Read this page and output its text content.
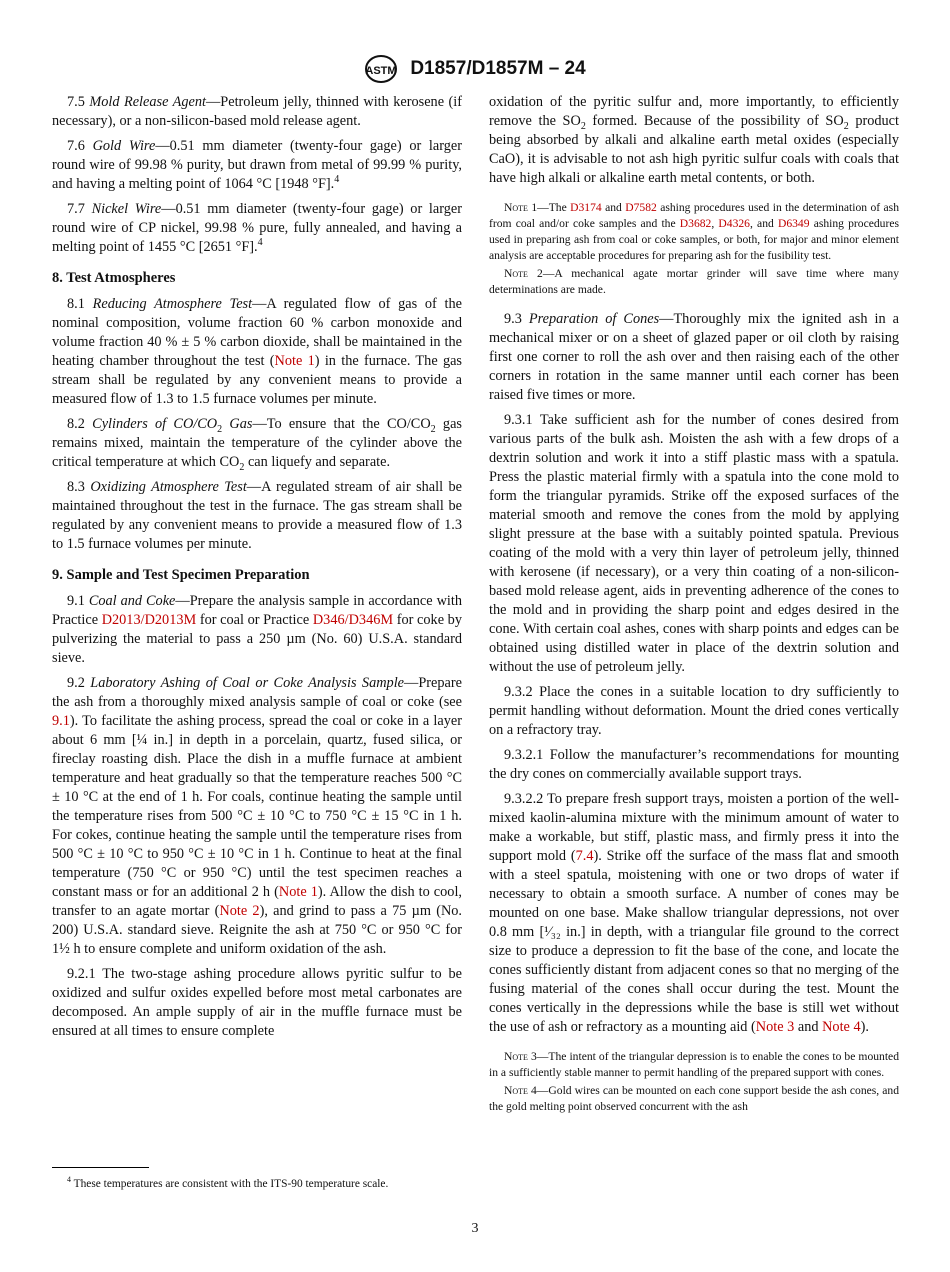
ASTM D1857/D1857M – 24

7.5 Mold Release Agent—Petroleum jelly, thinned with kerosene (if necessary), or a non-silicon-based mold release agent.

7.6 Gold Wire—0.51 mm diameter (twenty-four gage) or larger round wire of 99.98 % purity, but drawn from metal of 99.99 % purity, and having a melting point of 1064 °C [1948 °F].$^4$

7.7 Nickel Wire—0.51 mm diameter (twenty-four gage) or larger round wire of CP nickel, 99.98 % pure, fully annealed, and having a melting point of 1455 °C [2651 °F].$^4$

8. Test Atmospheres

8.1 Reducing Atmosphere Test—A regulated flow of gas of the nominal composition, volume fraction 60 % carbon monoxide and volume fraction 40 % ± 5 % carbon dioxide, shall be maintained in the heating chamber throughout the test (Note 1) in the furnace. The gas stream shall be regulated by any convenient means to provide a measured flow of 1.3 to 1.5 furnace volumes per minute.

8.2 Cylinders of $CO/CO_2$ Gas—To ensure that the $CO/CO_2$ gas remains mixed, maintain the temperature of the cylinder above the critical temperature at which $CO_2$ can liquefy and separate.

8.3 Oxidizing Atmosphere Test—A regulated stream of air shall be maintained throughout the test in the furnace. The gas stream shall be regulated by any convenient means to provide a measured flow of 1.3 to 1.5 furnace volumes per minute.

9. Sample and Test Specimen Preparation

9.1 Coal and Coke—Prepare the analysis sample in accordance with Practice D2013/D2013M for coal or Practice D346/D346M for coke by pulverizing the material to pass a 250 µm (No. 60) U.S.A. standard sieve.

9.2 Laboratory Ashing of Coal or Coke Analysis Sample—Prepare the ash from a thoroughly mixed analysis sample of coal or coke (see 9.1). To facilitate the ashing process, spread the coal or coke in a layer about 6 mm [¼ in.] in depth in a porcelain, quartz, fused silica, or fireclay roasting dish. Place the dish in a muffle furnace at ambient temperature and heat gradually so that the temperature reaches 500 °C ± 10 °C at the end of 1 h. For coals, continue heating the sample until the temperature rises from 500 °C ± 10 °C to 750 °C ± 15 °C in 1 h. For cokes, continue heating the sample until the temperature rises from 500 °C ± 10 °C to 950 °C ± 10 °C in 1 h. Continue to heat at the final temperature (750 °C or 950 °C) until the test specimen reaches a constant mass or for an additional 2 h (Note 1). Allow the dish to cool, transfer to an agate mortar (Note 2), and grind to pass a 75 µm (No. 200) U.S.A. standard sieve. Reignite the ash at 750 °C or 950 °C for 1½ h to ensure complete and uniform oxidation of the ash.

9.2.1 The two-stage ashing procedure allows pyritic sulfur to be oxidized and sulfur oxides expelled before most metal carbonates are decomposed. An ample supply of air in the muffle furnace must be ensured at all times to ensure complete

oxidation of the pyritic sulfur and, more importantly, to efficiently remove the $SO_2$ formed. Because of the possibility of $SO_2$ product being absorbed by alkali and alkaline earth metal oxides (especially CaO), it is advisable to not ash high pyritic sulfur coals with coals that have high alkali or alkaline earth metal contents, or both.

Note 1—The D3174 and D7582 ashing procedures used in the determination of ash from coal and/or coke samples and the D3682, D4326, and D6349 ashing procedures used in preparing ash from coal or coke samples, or both, for major and minor element analysis are acceptable procedures for preparing ash for the fusibility test.

Note 2—A mechanical agate mortar grinder will save time where many determinations are made.

9.3 Preparation of Cones—Thoroughly mix the ignited ash in a mechanical mixer or on a sheet of glazed paper or oil cloth by raising first one corner to roll the ash over and then raising each of the other corners in rotation in the same manner until each corner has been raised five times or more.

9.3.1 Take sufficient ash for the number of cones desired from various parts of the bulk ash. Moisten the ash with a few drops of a dextrin solution and work it into a stiff plastic mass with a spatula. Press the plastic material firmly with a spatula into the cone mold to form the triangular pyramids. Strike off the exposed surfaces of the material smooth and remove the cones from the mold by applying slight pressure at the base with a suitably pointed spatula. Previous coating of the mold with a very thin layer of petroleum jelly, thinned with kerosene (if necessary), or a very thin coating of a non-silicon-based mold release agent, aids in preventing adherence of the cones to the mold and in providing the sharp point and edges desired in the cone. With certain coal ashes, cones with sharp points and edges can be obtained using distilled water in place of the dextrin solution and without the use of petroleum jelly.

9.3.2 Place the cones in a suitable location to dry sufficiently to permit handling without deformation. Mount the dried cones vertically on a refractory tray.

9.3.2.1 Follow the manufacturer’s recommendations for mounting the dry cones on commercially available support trays.

9.3.2.2 To prepare fresh support trays, moisten a portion of the well-mixed kaolin-alumina mixture with the minimum amount of water to make a workable, but stiff, plastic mass, and firmly press it into the support mold (7.4). Strike off the surface of the mass flat and smooth with a steel spatula, moistening with one or two drops of water if necessary to obtain a smooth surface. A number of cones may be mounted on one base. Make shallow triangular depressions, not over 0.8 mm [¹⁄₃₂ in.] in depth, with a triangular file ground to the correct size to produce a depression to fit the base of the cone, and locate the cones sufficiently distant from adjacent cones so that no merging of the fusing material of the cones shall occur during the test. Mount the cones vertically in the depressions while the base is still wet without the use of ash or refractory as a mounting aid (Note 3 and Note 4).

Note 3—The intent of the triangular depression is to enable the cones to be mounted in a sufficiently stable manner to permit handling of the prepared support with cones.

Note 4—Gold wires can be mounted on each cone support beside the ash cones, and the gold melting point observed concurrent with the ash

$^4$ These temperatures are consistent with the ITS-90 temperature scale.
3
